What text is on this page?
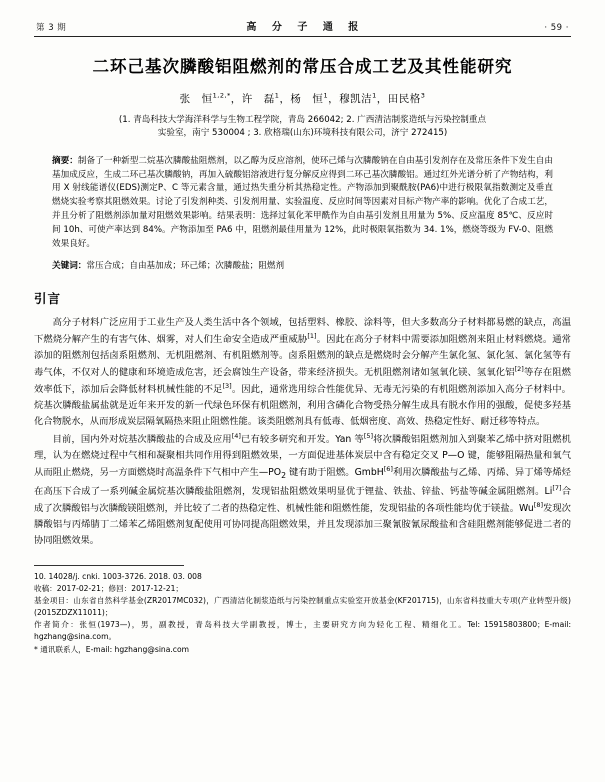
第 3 期	高 分 子 通 报	· 59 ·
二环己基次膦酸铝阻燃剂的常压合成工艺及其性能研究
张　恒$^{1,2,*}$，许　磊$^1$，杨　恒$^1$，穆凯洁$^1$，田民格$^3$
(1. 青岛科技大学海洋科学与生物工程学院，青岛 266042; 2. 广西清洁制浆造纸与污染控制重点
实验室，南宁 530004 ; 3. 欣格瑞(山东)环境科技有限公司，济宁 272415)
摘要：制备了一种新型二烷基次膦酸盐阻燃剂，以乙醇为反应溶剂，使环己烯与次膦酸钠在自由基引发剂存在及常压条件下发生自由基加成反应，生成二环己基次膦酸钠，再加入硫酸铝溶液进行复分解反应得到二环己基次膦酸铝。通过红外光谱分析了产物结构，利用 X 射线能谱仪(EDS)测定P、C 等元素含量，通过热失重分析其热稳定性。产物添加到聚酰胺(PA6)中进行极限氧指数测定及垂直燃烧实验考察其阻燃效果。讨论了引发剂种类、引发剂用量、实验温度、反应时间等因素对目标产物产率的影响。优化了合成工艺，并且分析了阻燃剂添加量对阻燃效果影响。结果表明：选择过氧化苯甲酰作为自由基引发剂且用量为 5%、反应温度 85℃、反应时间 10h、可使产率达到 84%。产物添加至 PA6 中，阻燃剂最佳用量为 12%，此时极限氧指数为 34. 1%，燃烧等级为 FV-0、阻燃效果良好。
关键词：常压合成；自由基加成；环己烯；次膦酸盐；阻燃剂
引言

高分子材料广泛应用于工业生产及人类生活中各个领域，包括塑料、橡胶、涂料等，但大多数高分子材料都易燃的缺点，高温下燃烧分解产生的有害气体、烟雾，对人们生命安全造成严重威胁[1]。因此在高分子材料中需要添加阻燃剂来阻止材料燃烧。通常添加的阻燃剂包括卤系阻燃剂、无机阻燃剂、有机阻燃剂等。卤系阻燃剂的缺点是燃烧时会分解产生氯化氢、氯化氢、氯化氢等有毒气体，不仅对人的健康和环境造成危害，还会腐蚀生产设备，带来经济损失。无机阻燃剂诸如氢氧化镁、氢氧化铝[2]等存在阻燃效率低下，添加后会降低材料机械性能的不足[3]。因此，通常选用综合性能优异、无毒无污染的有机阻燃剂添加入高分子材料中。烷基次膦酸盐属盐就是近年来开发的新一代绿色环保有机阻燃剂，利用含磷化合物受热分解生成具有脱水作用的强酸，促使多羟基化合物脱水，从而形成炭层隔氧隔热来阻止阻燃性能。该类阻燃剂具有低毒、低烟密度、高效、热稳定性好、耐迁移等特点。

目前，国内外对烷基次膦酸盐的合成及应用[4]已有较多研究和开发。Yan 等[5]将次膦酸铝阻燃剂加入到聚苯乙烯中挤对阻燃机理，认为在燃烧过程中气相和凝聚相共同作用得到阻燃效果，一方面促进基体炭层中含有稳定交叉 P—O 键，能够阻隔热量和氧气从而阻止燃烧，另一方面燃烧时高温条件下气相中产生$—PO_2$ 键有助于阻燃。GmbH[6]利用次膦酸盐与乙烯、丙烯、异丁烯等烯烃在高压下合成了一系列碱金属烷基次膦酸盐阻燃剂，发现铝盐阻燃效果明显优于锂盐、铁盐、锌盐、钙盐等碱金属阻燃剂。Li[7]合成了次膦酸铝与次膦酸镁阻燃剂，并比较了二者的热稳定性、机械性能和阻燃性能，发现铝盐的各项性能均优于镁盐。Wu[8]发现次膦酸铝与丙烯腈丁二烯苯乙烯阻燃剂复配使用可协同提高阻燃效果，并且发现添加三聚氰胺氰尿酸盐和含硅阻燃剂能够促进二者的协同阻燃效果。

10. 14028/j. cnki. 1003-3726. 2018. 03. 008
收稿：2017-02-21；修回：2017-12-21；
基金项目：山东省自然科学基金(ZR2017MC032)，广西清洁化制浆造纸与污染控制重点实验室开放基金(KF201715)，山东省科技重大专项(产业转型升级)(2015ZDZX11011)；
作者简介：张恒(1973—)，男，副教授，青岛科技大学副教授，博士，主要研究方向为轻化工程、精细化工。Tel: 15915803800；E-mail: hgzhang@sina.com。
* 通讯联系人，E-mail: hgzhang@sina.com
